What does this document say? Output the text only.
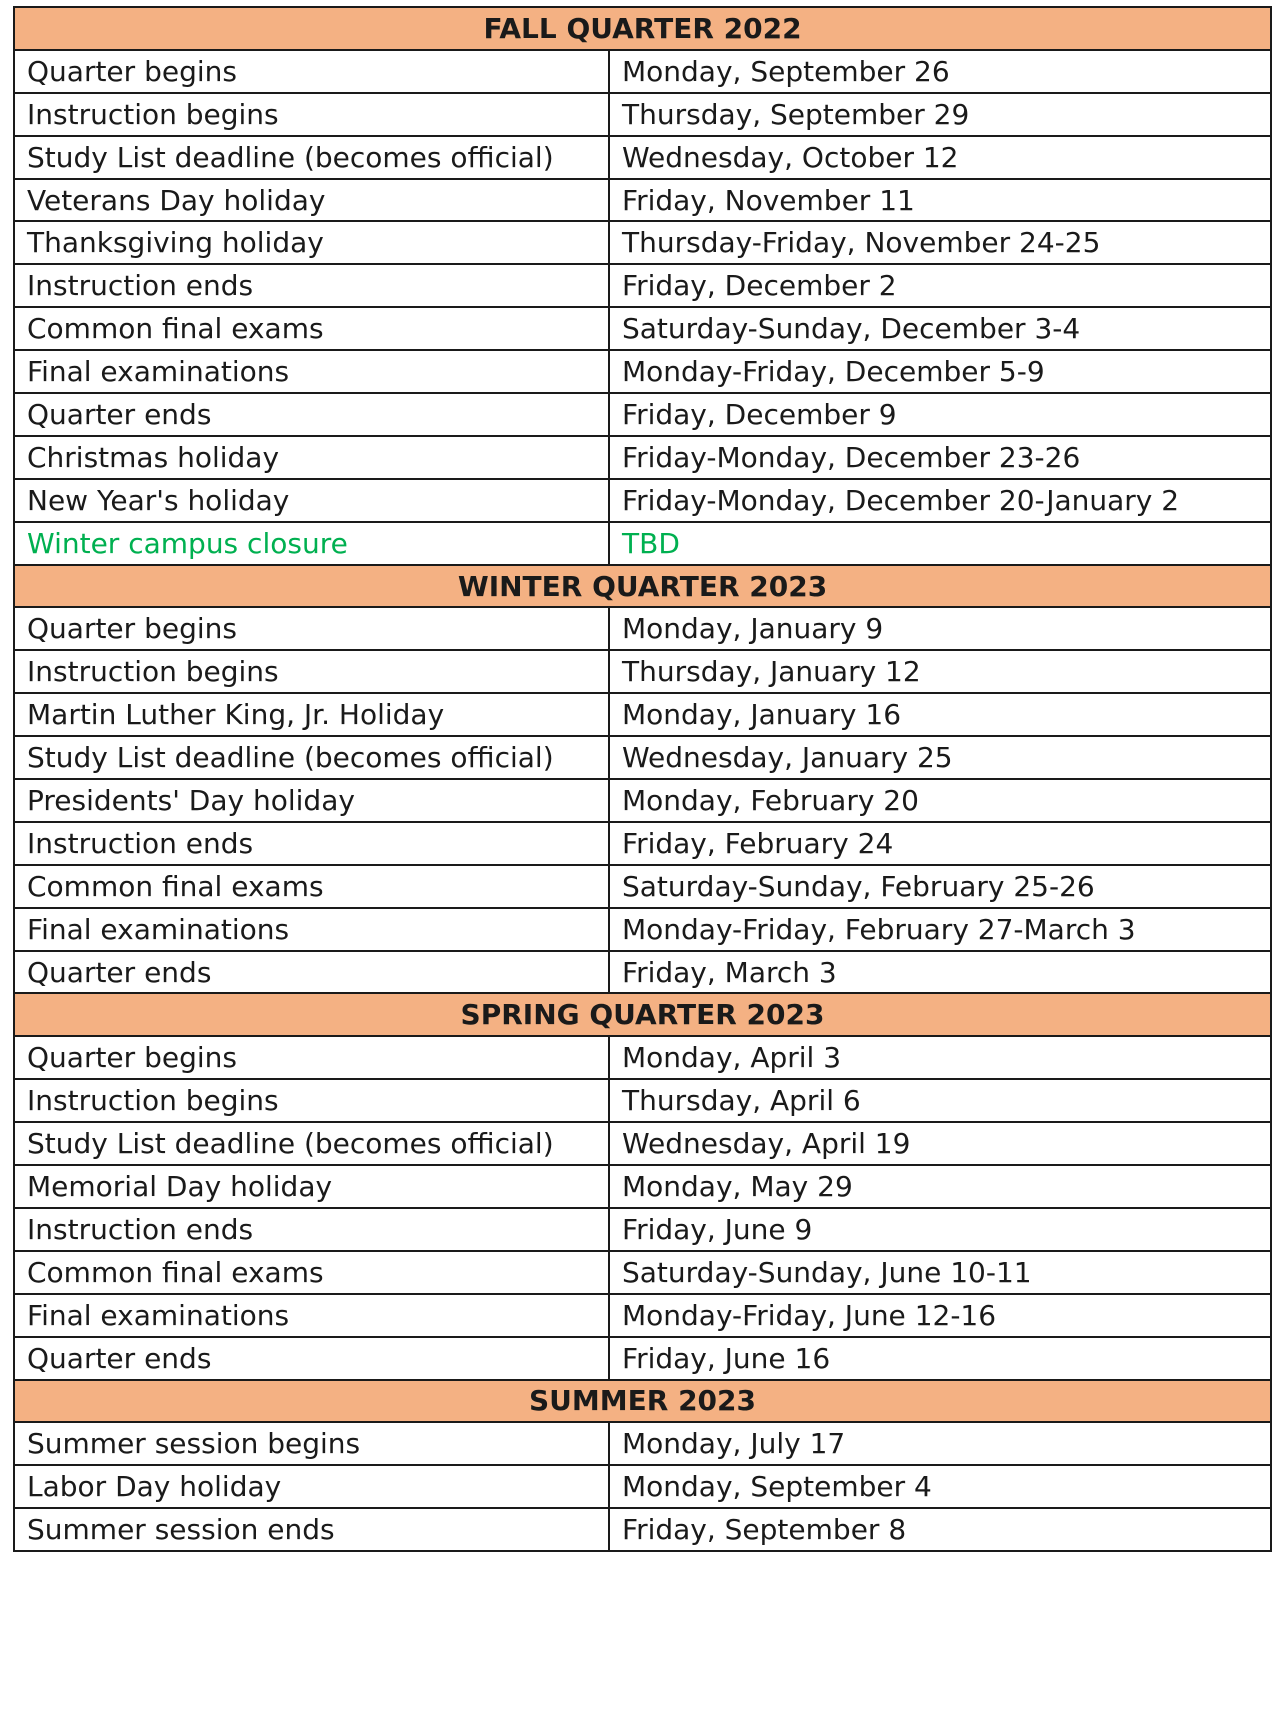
FALL QUARTER 2022	
Quarter begins	Monday, September 26
Instruction begins	Thursday, September 29
Study List deadline (becomes official)	Wednesday, October 12
Veterans Day holiday	Friday, November 11
Thanksgiving holiday	Thursday-Friday, November 24-25
Instruction ends	Friday, December 2
Common final exams	Saturday-Sunday, December 3-4
Final examinations	Monday-Friday, December 5-9
Quarter ends	Friday, December 9
Christmas holiday	Friday-Monday, December 23-26
New Year's holiday	Friday-Monday, December 20-January 2
Winter campus closure	TBD
WINTER QUARTER 2023	
Quarter begins	Monday, January 9
Instruction begins	Thursday, January 12
Martin Luther King, Jr. Holiday	Monday, January 16
Study List deadline (becomes official)	Wednesday, January 25
Presidents' Day holiday	Monday, February 20
Instruction ends	Friday, February 24
Common final exams	Saturday-Sunday, February 25-26
Final examinations	Monday-Friday, February 27-March 3
Quarter ends	Friday, March 3
SPRING QUARTER 2023	
Quarter begins	Monday, April 3
Instruction begins	Thursday, April 6
Study List deadline (becomes official)	Wednesday, April 19
Memorial Day holiday	Monday, May 29
Instruction ends	Friday, June 9
Common final exams	Saturday-Sunday, June 10-11
Final examinations	Monday-Friday, June 12-16
Quarter ends	Friday, June 16
SUMMER 2023	
Summer session begins	Monday, July 17
Labor Day holiday	Monday, September 4
Summer session ends	Friday, September 8
